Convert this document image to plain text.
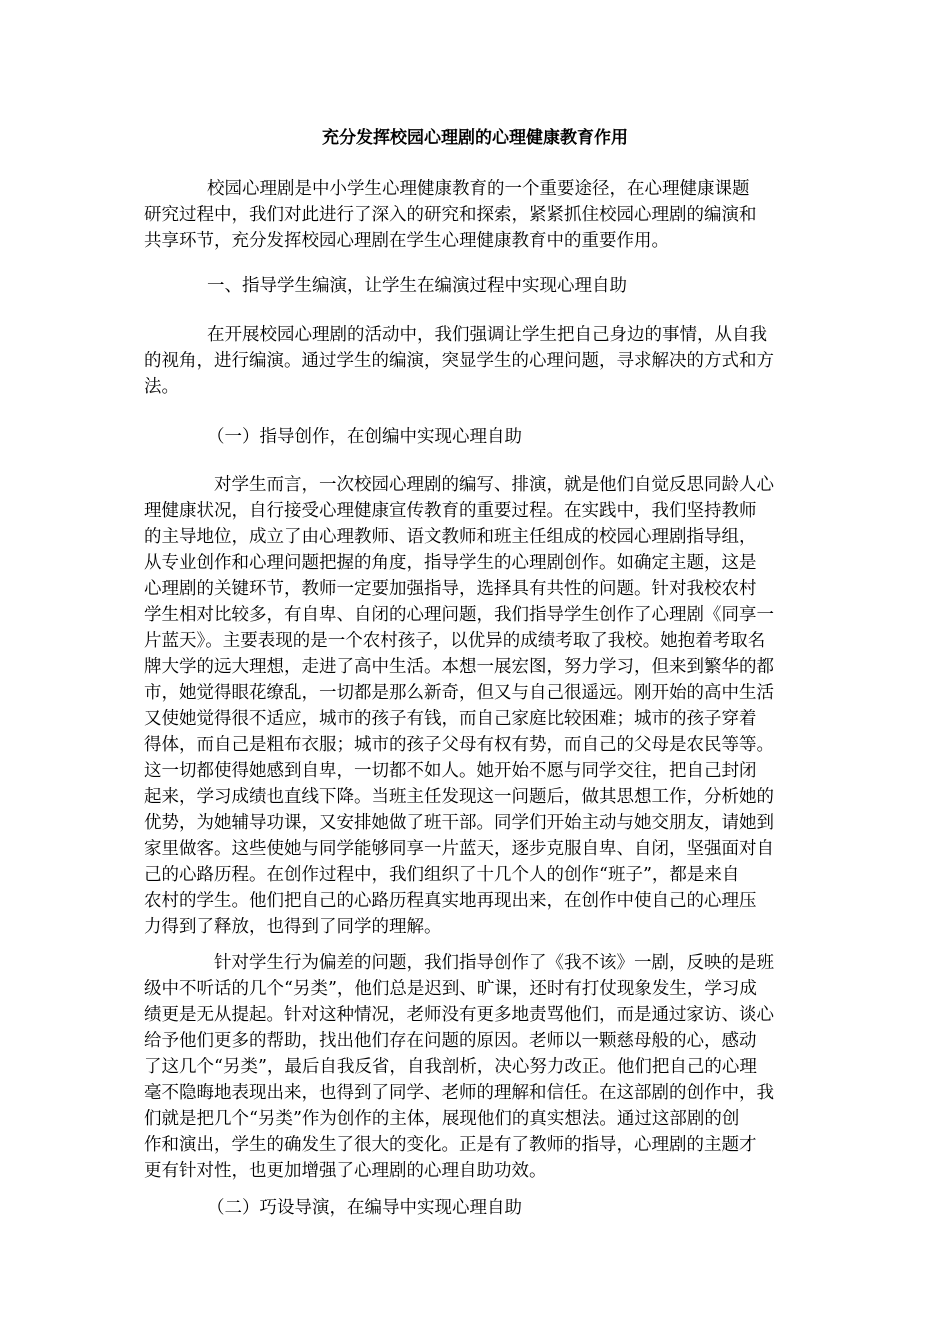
充分发挥校园心理剧的心理健康教育作用
校园心理剧是中小学生心理健康教育的一个重要途径，在心理健康课题
研究过程中，我们对此进行了深入的研究和探索，紧紧抓住校园心理剧的编演和
共享环节，充分发挥校园心理剧在学生心理健康教育中的重要作用。
一、指导学生编演，让学生在编演过程中实现心理自助
在开展校园心理剧的活动中，我们强调让学生把自己身边的事情，从自我
的视角，进行编演。通过学生的编演，突显学生的心理问题，寻求解决的方式和方
法。
（一）指导创作，在创编中实现心理自助
对学生而言，一次校园心理剧的编写、排演，就是他们自觉反思同龄人心
理健康状况，自行接受心理健康宣传教育的重要过程。在实践中，我们坚持教师
的主导地位，成立了由心理教师、语文教师和班主任组成的校园心理剧指导组，
从专业创作和心理问题把握的角度，指导学生的心理剧创作。如确定主题，这是
心理剧的关键环节，教师一定要加强指导，选择具有共性的问题。针对我校农村
学生相对比较多，有自卑、自闭的心理问题，我们指导学生创作了心理剧《同享一
片蓝天》。主要表现的是一个农村孩子，以优异的成绩考取了我校。她抱着考取名
牌大学的远大理想，走进了高中生活。本想一展宏图，努力学习，但来到繁华的都
市，她觉得眼花缭乱，一切都是那么新奇，但又与自己很遥远。刚开始的高中生活
又使她觉得很不适应，城市的孩子有钱，而自己家庭比较困难；城市的孩子穿着
得体，而自己是粗布衣服；城市的孩子父母有权有势，而自己的父母是农民等等。
这一切都使得她感到自卑，一切都不如人。她开始不愿与同学交往，把自己封闭
起来，学习成绩也直线下降。当班主任发现这一问题后，做其思想工作，分析她的
优势，为她辅导功课，又安排她做了班干部。同学们开始主动与她交朋友，请她到
家里做客。这些使她与同学能够同享一片蓝天，逐步克服自卑、自闭，坚强面对自
己的心路历程。在创作过程中，我们组织了十几个人的创作“班子”，都是来自
农村的学生。他们把自己的心路历程真实地再现出来，在创作中使自己的心理压
力得到了释放，也得到了同学的理解。
针对学生行为偏差的问题，我们指导创作了《我不该》一剧，反映的是班
级中不听话的几个“另类”，他们总是迟到、旷课，还时有打仗现象发生，学习成
绩更是无从提起。针对这种情况，老师没有更多地责骂他们，而是通过家访、谈心
给予他们更多的帮助，找出他们存在问题的原因。老师以一颗慈母般的心，感动
了这几个“另类”，最后自我反省，自我剖析，决心努力改正。他们把自己的心理
毫不隐晦地表现出来，也得到了同学、老师的理解和信任。在这部剧的创作中，我
们就是把几个“另类”作为创作的主体，展现他们的真实想法。通过这部剧的创
作和演出，学生的确发生了很大的变化。正是有了教师的指导，心理剧的主题才
更有针对性，也更加增强了心理剧的心理自助功效。
（二）巧设导演，在编导中实现心理自助
